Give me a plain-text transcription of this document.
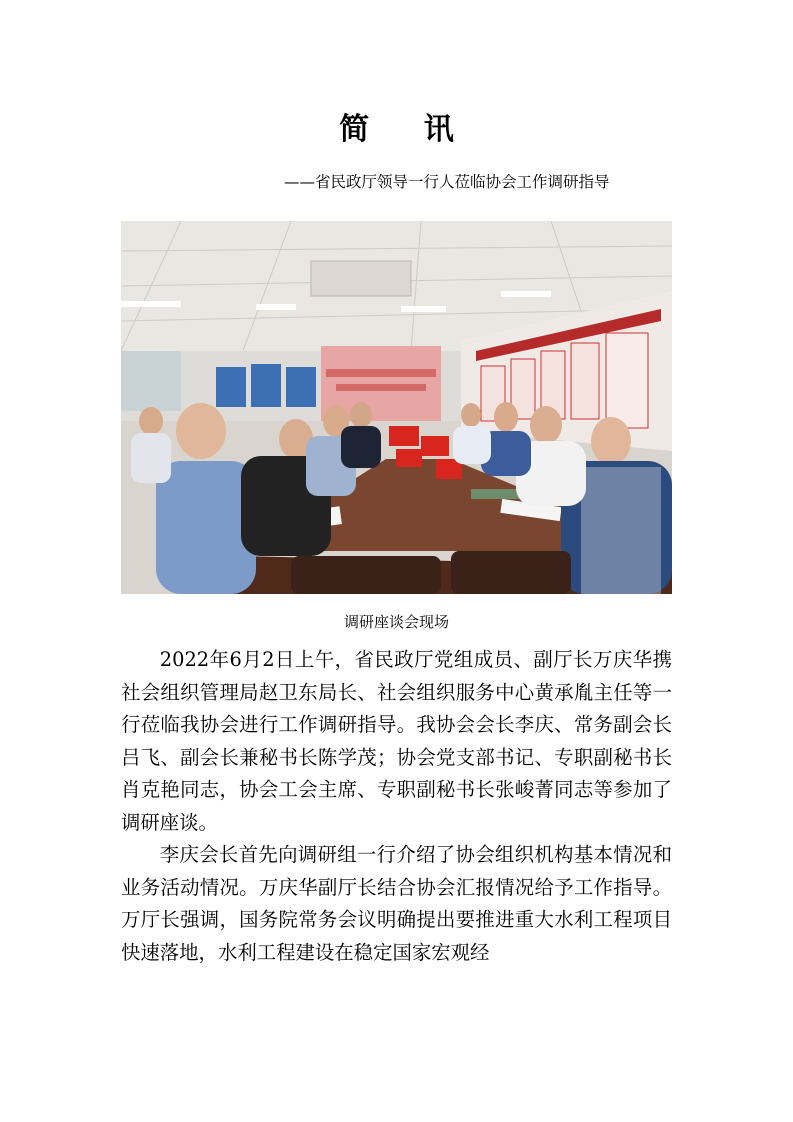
简 讯
——省民政厅领导一行人莅临协会工作调研指导
调研座谈会现场

2022年6月2日上午，省民政厅党组成员、副厅长万庆华携社会组织管理局赵卫东局长、社会组织服务中心黄承胤主任等一行莅临我协会进行工作调研指导。我协会会长李庆、常务副会长吕飞、副会长兼秘书长陈学茂；协会党支部书记、专职副秘书长肖克艳同志，协会工会主席、专职副秘书长张峻菁同志等参加了调研座谈。

李庆会长首先向调研组一行介绍了协会组织机构基本情况和业务活动情况。万庆华副厅长结合协会汇报情况给予工作指导。万厅长强调，国务院常务会议明确提出要推进重大水利工程项目快速落地，水利工程建设在稳定国家宏观经
